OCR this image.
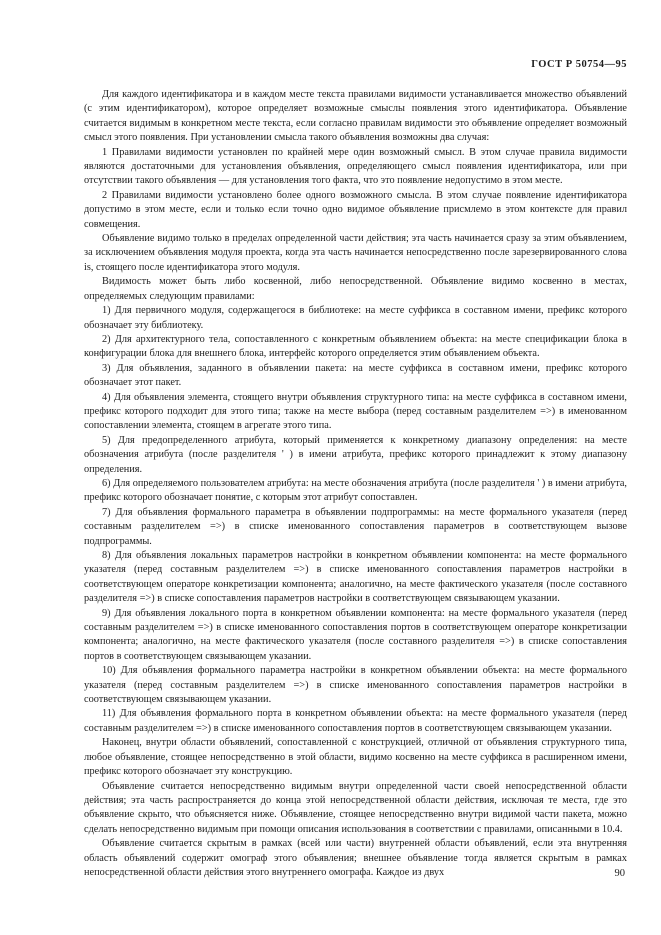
ГОСТ Р 50754—95

Для каждого идентификатора и в каждом месте текста правилами видимости устанавливается множество объявлений (с этим идентификатором), которое определяет возможные смыслы появления этого идентификатора. Объявление считается видимым в конкретном месте текста, если согласно правилам видимости это объявление определяет возможный смысл этого появления. При установлении смысла такого объявления возможны два случая:

1 Правилами видимости установлен по крайней мере один возможный смысл. В этом случае правила видимости являются достаточными для установления объявления, определяющего смысл появления идентификатора, или при отсутствии такого объявления — для установления того факта, что это появление недопустимо в этом месте.

2 Правилами видимости установлено более одного возможного смысла. В этом случае появление идентификатора допустимо в этом месте, если и только если точно одно видимое объявление присмлемо в этом контексте для правил совмещения.

Объявление видимо только в пределах определенной части действия; эта часть начинается сразу за этим объявлением, за исключением объявления модуля проекта, когда эта часть начинается непосредственно после зарезервированного слова is, стоящего после идентификатора этого модуля.

Видимость может быть либо косвенной, либо непосредственной. Объявление видимо косвенно в местах, определяемых следующим правилами:

1) Для первичного модуля, содержащегося в библиотеке: на месте суффикса в составном имени, префикс которого обозначает эту библиотеку.

2) Для архитектурного тела, сопоставленного с конкретным объявлением объекта: на месте спецификации блока в конфигурации блока для внешнего блока, интерфейс которого определяется этим объявлением объекта.

3) Для объявления, заданного в объявлении пакета: на месте суффикса в составном имени, префикс которого обозначает этот пакет.

4) Для объявления элемента, стоящего внутри объявления структурного типа: на месте суффикса в составном имени, префикс которого подходит для этого типа; также на месте выбора (перед составным разделителем =>) в именованном сопоставлении элемента, стоящем в агрегате этого типа.

5) Для предопределенного атрибута, который применяется к конкретному диапазону определения: на месте обозначения атрибута (после разделителя ' ) в имени атрибута, префикс которого принадлежит к этому диапазону определения.

6) Для определяемого пользователем атрибута: на месте обозначения атрибута (после разделителя ' ) в имени атрибута, префикс которого обозначает понятие, с которым этот атрибут сопоставлен.

7) Для объявления формального параметра в объявлении подпрограммы: на месте формального указателя (перед составным разделителем =>) в списке именованного сопоставления параметров в соответствующем вызове подпрограммы.

8) Для объявления локальных параметров настройки в конкретном объявлении компонента: на месте формального указателя (перед составным разделителем =>) в списке именованного сопоставления параметров настройки в соответствующем операторе конкретизации компонента; аналогично, на месте фактического указателя (после составного разделителя =>) в списке сопоставления параметров настройки в соответствующем связывающем указании.

9) Для объявления локального порта в конкретном объявлении компонента: на месте формального указателя (перед составным разделителем =>) в списке именованного сопоставления портов в соответствующем операторе конкретизации компонента; аналогично, на месте фактического указателя (после составного разделителя =>) в списке сопоставления портов в соответствующем связывающем указании.

10) Для объявления формального параметра настройки в конкретном объявлении объекта: на месте формального указателя (перед составным разделителем =>) в списке именованного сопоставления параметров настройки в соответствующем связывающем указании.

11) Для объявления формального порта в конкретном объявлении объекта: на месте формального указателя (перед составным разделителем =>) в списке именованного сопоставления портов в соответствующем связывающем указании.

Наконец, внутри области объявлений, сопоставленной с конструкцией, отличной от объявления структурного типа, любое объявление, стоящее непосредственно в этой области, видимо косвенно на месте суффикса в расширенном имени, префикс которого обозначает эту конструкцию.

Объявление считается непосредственно видимым внутри определенной части своей непосредственной области действия; эта часть распространяется до конца этой непосредственной области действия, исключая те места, где это объявление скрыто, что объясняется ниже. Объявление, стоящее непосредственно внутри видимой части пакета, можно сделать непосредственно видимым при помощи описания использования в соответствии с правилами, описанными в 10.4.

Объявление считается скрытым в рамках (всей или части) внутренней области объявлений, если эта внутренняя область объявлений содержит омограф этого объявления; внешнее объявление тогда является скрытым в рамках непосредственной области действия этого внутреннего омографа. Каждое из двух	90
